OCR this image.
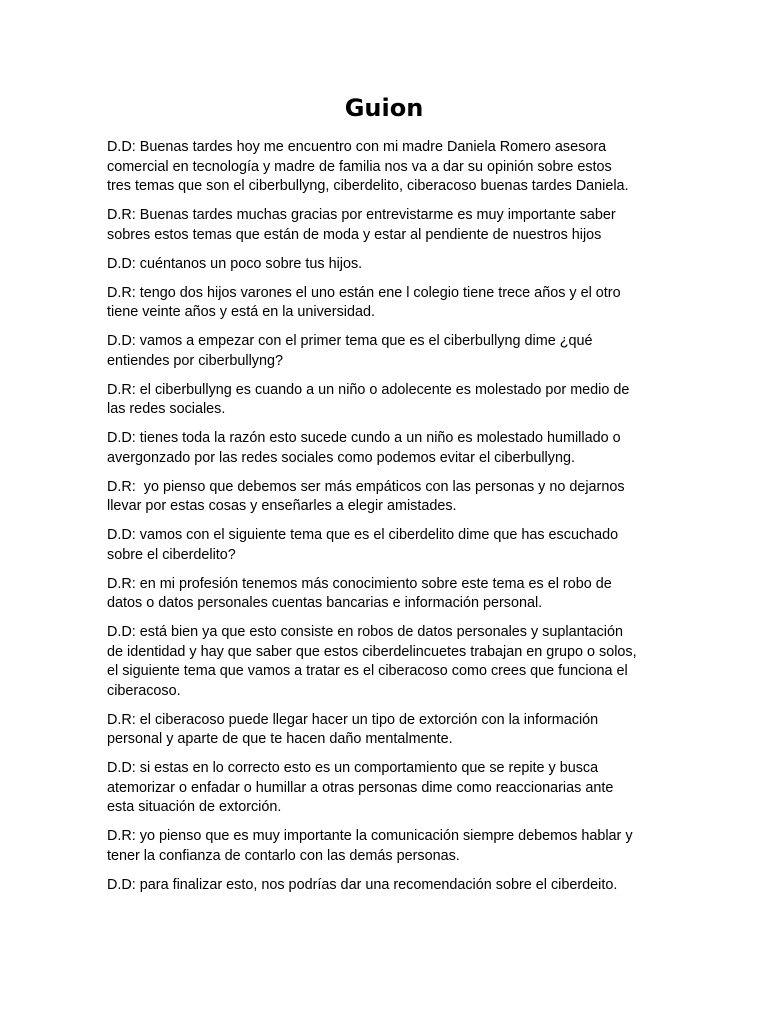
Guion

D.D: Buenas tardes hoy me encuentro con mi madre Daniela Romero asesora
comercial en tecnología y madre de familia nos va a dar su opinión sobre estos
tres temas que son el ciberbullyng, ciberdelito, ciberacoso buenas tardes Daniela.

D.R: Buenas tardes muchas gracias por entrevistarme es muy importante saber
sobres estos temas que están de moda y estar al pendiente de nuestros hijos

D.D: cuéntanos un poco sobre tus hijos.

D.R: tengo dos hijos varones el uno están ene l colegio tiene trece años y el otro
tiene veinte años y está en la universidad.

D.D: vamos a empezar con el primer tema que es el ciberbullyng dime ¿qué
entiendes por ciberbullyng?

D.R: el ciberbullyng es cuando a un niño o adolecente es molestado por medio de
las redes sociales.

D.D: tienes toda la razón esto sucede cundo a un niño es molestado humillado o
avergonzado por las redes sociales como podemos evitar el ciberbullyng.

D.R:  yo pienso que debemos ser más empáticos con las personas y no dejarnos
llevar por estas cosas y enseñarles a elegir amistades.

D.D: vamos con el siguiente tema que es el ciberdelito dime que has escuchado
sobre el ciberdelito?

D.R: en mi profesión tenemos más conocimiento sobre este tema es el robo de
datos o datos personales cuentas bancarias e información personal.

D.D: está bien ya que esto consiste en robos de datos personales y suplantación
de identidad y hay que saber que estos ciberdelincuetes trabajan en grupo o solos,
el siguiente tema que vamos a tratar es el ciberacoso como crees que funciona el
ciberacoso.

D.R: el ciberacoso puede llegar hacer un tipo de extorción con la información
personal y aparte de que te hacen daño mentalmente.

D.D: si estas en lo correcto esto es un comportamiento que se repite y busca
atemorizar o enfadar o humillar a otras personas dime como reaccionarias ante
esta situación de extorción.

D.R: yo pienso que es muy importante la comunicación siempre debemos hablar y
tener la confianza de contarlo con las demás personas.

D.D: para finalizar esto, nos podrías dar una recomendación sobre el ciberdeito.
